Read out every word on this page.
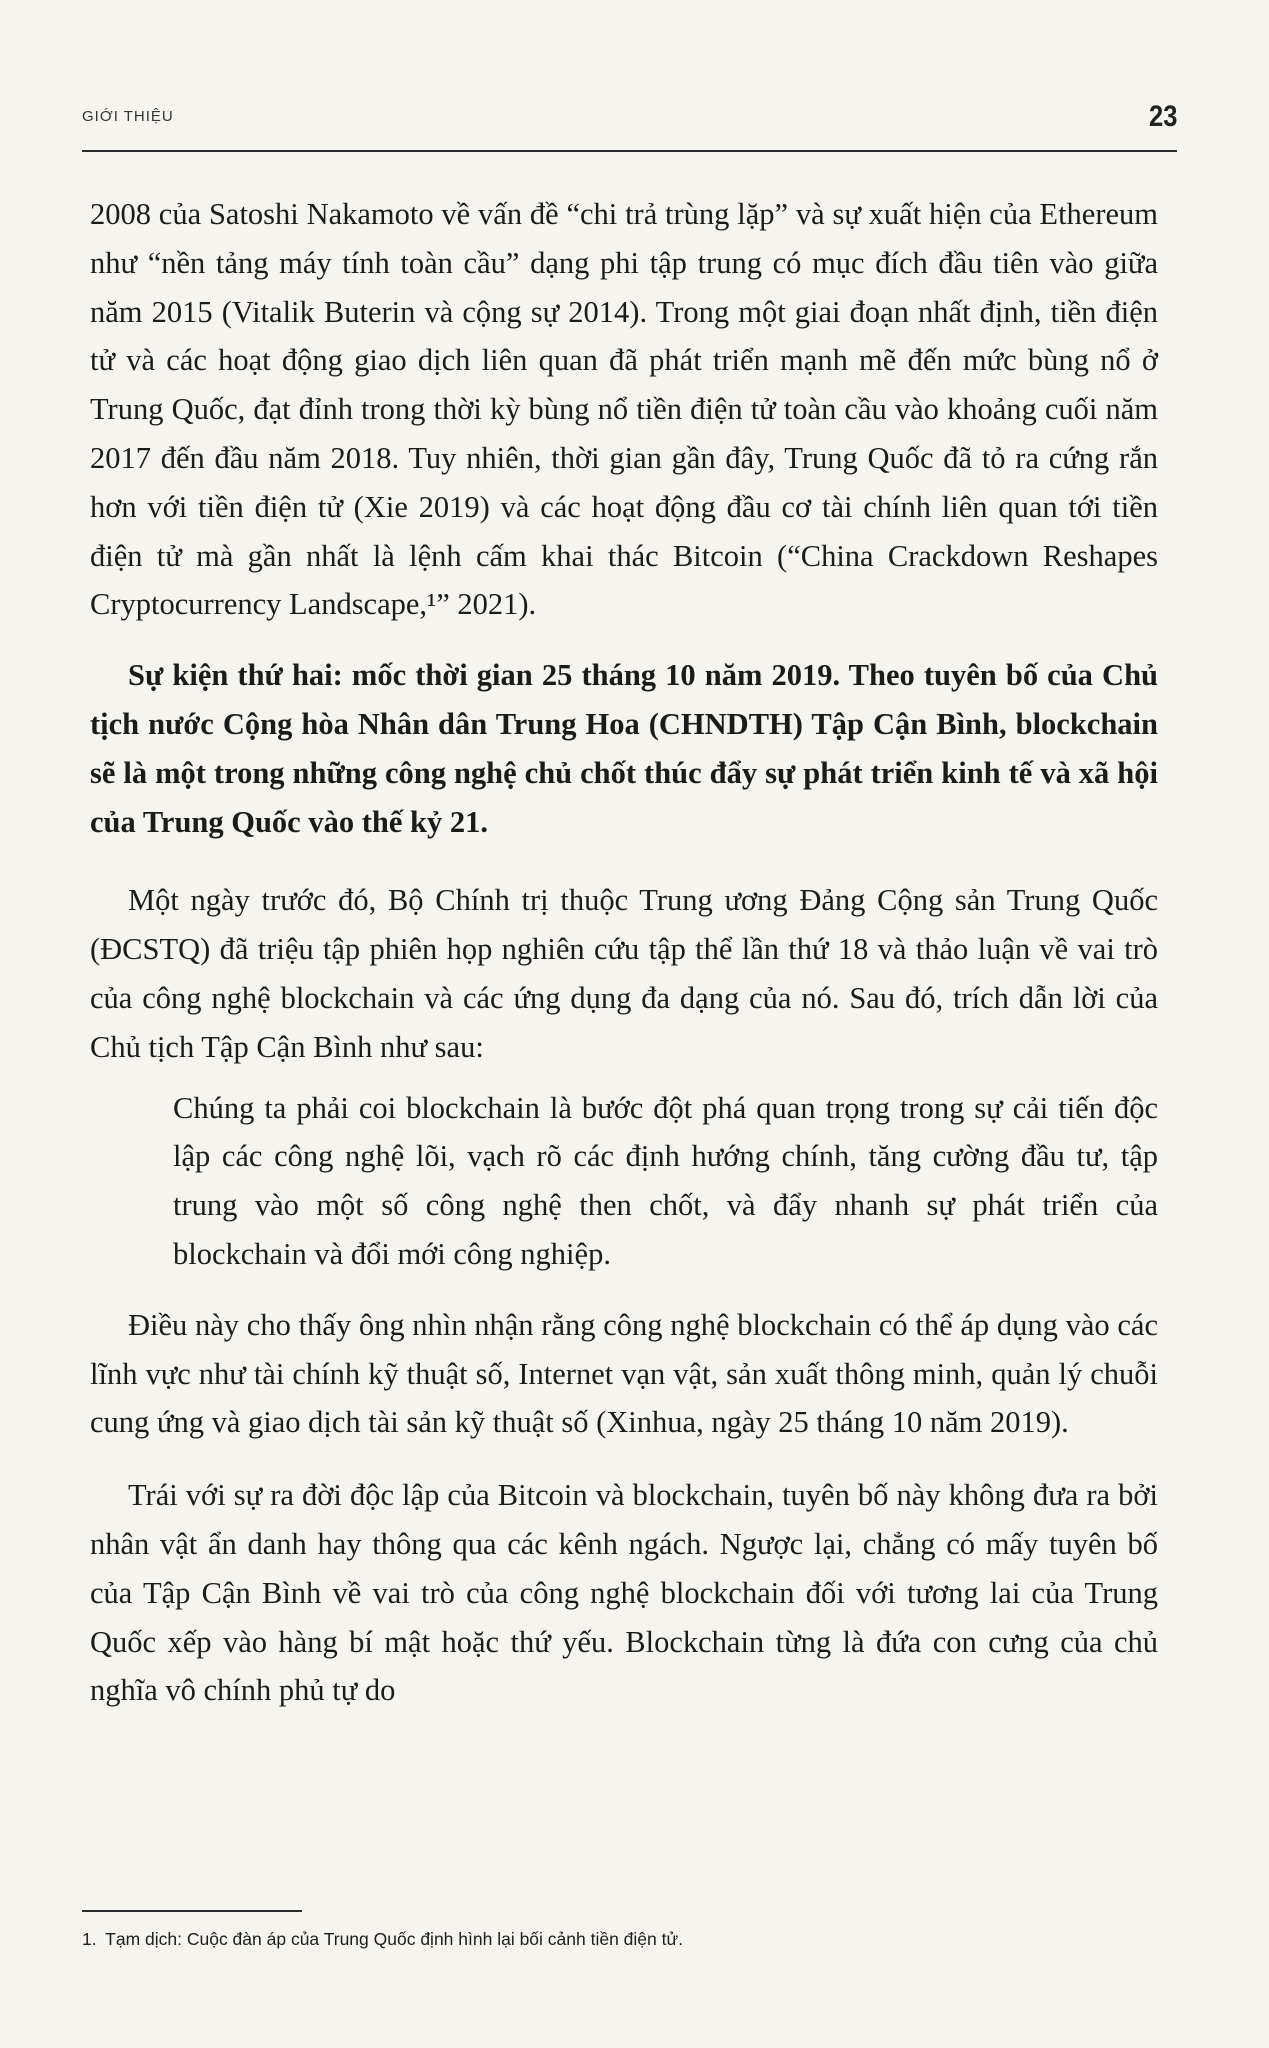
GIỚI THIỆU	23

2008 của Satoshi Nakamoto về vấn đề “chi trả trùng lặp” và sự xuất hiện của Ethereum như “nền tảng máy tính toàn cầu” dạng phi tập trung có mục đích đầu tiên vào giữa năm 2015 (Vitalik Buterin và cộng sự 2014). Trong một giai đoạn nhất định, tiền điện tử và các hoạt động giao dịch liên quan đã phát triển mạnh mẽ đến mức bùng nổ ở Trung Quốc, đạt đỉnh trong thời kỳ bùng nổ tiền điện tử toàn cầu vào khoảng cuối năm 2017 đến đầu năm 2018. Tuy nhiên, thời gian gần đây, Trung Quốc đã tỏ ra cứng rắn hơn với tiền điện tử (Xie 2019) và các hoạt động đầu cơ tài chính liên quan tới tiền điện tử mà gần nhất là lệnh cấm khai thác Bitcoin (“China Crackdown Reshapes Cryptocurrency Landscape,¹” 2021).

Sự kiện thứ hai: mốc thời gian 25 tháng 10 năm 2019. Theo tuyên bố của Chủ tịch nước Cộng hòa Nhân dân Trung Hoa (CHNDTH) Tập Cận Bình, blockchain sẽ là một trong những công nghệ chủ chốt thúc đẩy sự phát triển kinh tế và xã hội của Trung Quốc vào thế kỷ 21.

Một ngày trước đó, Bộ Chính trị thuộc Trung ương Đảng Cộng sản Trung Quốc (ĐCSTQ) đã triệu tập phiên họp nghiên cứu tập thể lần thứ 18 và thảo luận về vai trò của công nghệ blockchain và các ứng dụng đa dạng của nó. Sau đó, trích dẫn lời của Chủ tịch Tập Cận Bình như sau:

Chúng ta phải coi blockchain là bước đột phá quan trọng trong sự cải tiến độc lập các công nghệ lõi, vạch rõ các định hướng chính, tăng cường đầu tư, tập trung vào một số công nghệ then chốt, và đẩy nhanh sự phát triển của blockchain và đổi mới công nghiệp.

Điều này cho thấy ông nhìn nhận rằng công nghệ blockchain có thể áp dụng vào các lĩnh vực như tài chính kỹ thuật số, Internet vạn vật, sản xuất thông minh, quản lý chuỗi cung ứng và giao dịch tài sản kỹ thuật số (Xinhua, ngày 25 tháng 10 năm 2019).

Trái với sự ra đời độc lập của Bitcoin và blockchain, tuyên bố này không đưa ra bởi nhân vật ẩn danh hay thông qua các kênh ngách. Ngược lại, chẳng có mấy tuyên bố của Tập Cận Bình về vai trò của công nghệ blockchain đối với tương lai của Trung Quốc xếp vào hàng bí mật hoặc thứ yếu. Blockchain từng là đứa con cưng của chủ nghĩa vô chính phủ tự do

1. Tạm dịch: Cuộc đàn áp của Trung Quốc định hình lại bối cảnh tiền điện tử.
